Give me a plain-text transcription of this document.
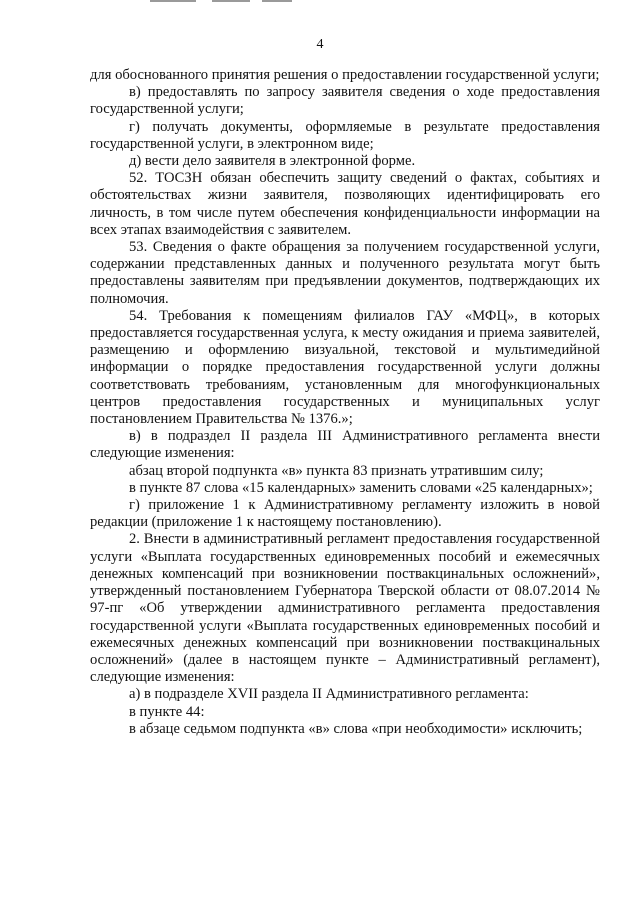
4

для обоснованного принятия решения о предоставлении государственной услуги;

в) предоставлять по запросу заявителя сведения о ходе предоставления государственной услуги;

г) получать документы, оформляемые в результате предоставления государственной услуги, в электронном виде;

д) вести дело заявителя в электронной форме.

52. ТОСЗН обязан обеспечить защиту сведений о фактах, событиях и обстоятельствах жизни заявителя, позволяющих идентифицировать его личность, в том числе путем обеспечения конфиденциальности информации на всех этапах взаимодействия с заявителем.

53. Сведения о факте обращения за получением государственной услуги, содержании представленных данных и полученного результата могут быть предоставлены заявителям при предъявлении документов, подтверждающих их полномочия.

54. Требования к помещениям филиалов ГАУ «МФЦ», в которых предоставляется государственная услуга, к месту ожидания и приема заявителей, размещению и оформлению визуальной, текстовой и мультимедийной информации о порядке предоставления государственной услуги должны соответствовать требованиям, установленным для многофункциональных центров предоставления государственных и муниципальных услуг постановлением Правительства № 1376.»;

в) в подраздел II раздела III Административного регламента внести следующие изменения:

абзац второй подпункта «в» пункта 83 признать утратившим силу;

в пункте 87 слова «15 календарных» заменить словами «25 календарных»;

г) приложение 1 к Административному регламенту изложить в новой редакции (приложение 1 к настоящему постановлению).

2. Внести в административный регламент предоставления государственной услуги «Выплата государственных единовременных пособий и ежемесячных денежных компенсаций при возникновении поствакцинальных осложнений», утвержденный постановлением Губернатора Тверской области от 08.07.2014 № 97-пг «Об утверждении административного регламента предоставления государственной услуги «Выплата государственных единовременных пособий и ежемесячных денежных компенсаций при возникновении поствакцинальных осложнений» (далее в настоящем пункте – Административный регламент), следующие изменения:

а) в подразделе XVII раздела II Административного регламента:

в пункте 44:

в абзаце седьмом подпункта «в» слова «при необходимости» исключить;
